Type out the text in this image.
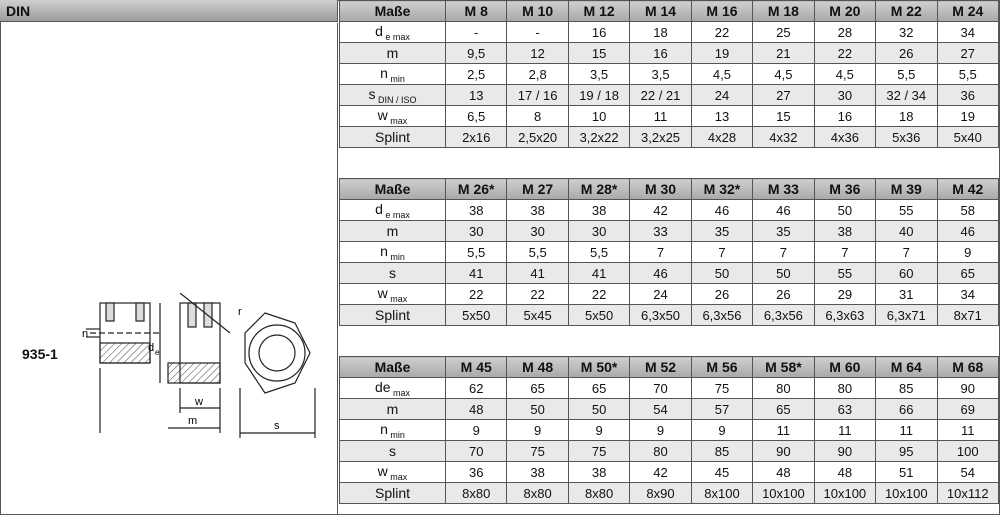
DIN
935-1
r
n
d e
w
m	s
Maße	M 8	M 10	M 12	M 14	M 16	M 18	M 20	M 22	M 24
d $_{e max}$	-	-	16	18	22	25	28	32	34
m	9,5	12	15	16	19	21	22	26	27
n $_{min}$	2,5	2,8	3,5	3,5	4,5	4,5	4,5	5,5	5,5
s $_{DIN / ISO}$	13	17 / 16	19 / 18	22 / 21	24	27	30	32 / 34	36
w $_{max}$	6,5	8	10	11	13	15	16	18	19
Splint	2x16	2,5x20	3,2x22	3,2x25	4x28	4x32	4x36	5x36	5x40
Maße	M 26*	M 27	M 28*	M 30	M 32*	M 33	M 36	M 39	M 42
d $_{e max}$	38	38	38	42	46	46	50	55	58
m	30	30	30	33	35	35	38	40	46
n $_{min}$	5,5	5,5	5,5	7	7	7	7	7	9
s	41	41	41	46	50	50	55	60	65
w $_{max}$	22	22	22	24	26	26	29	31	34
Splint	5x50	5x45	5x50	6,3x50	6,3x56	6,3x56	6,3x63	6,3x71	8x71
Maße	M 45	M 48	M 50*	M 52	M 56	M 58*	M 60	M 64	M 68
de $_{max}$	62	65	65	70	75	80	80	85	90
m	48	50	50	54	57	65	63	66	69
n $_{min}$	9	9	9	9	9	11	11	11	11
s	70	75	75	80	85	90	90	95	100
w $_{max}$	36	38	38	42	45	48	48	51	54
Splint	8x80	8x80	8x80	8x90	8x100	10x100	10x100	10x100	10x112
